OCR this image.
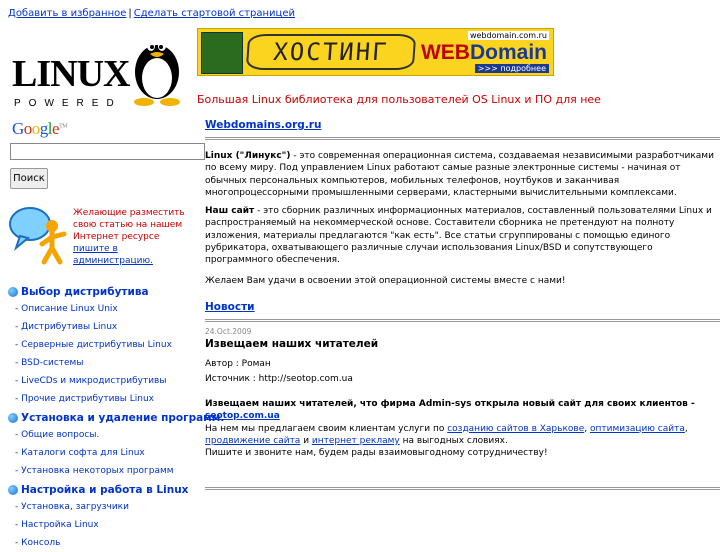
Добавить в избранное | Сделать стартовой страницей
LINUX
POWERED
ХОСТИНГ
webdomain.com.ru
WEBDomain
>>> подробнее
Большая Linux библиотека для пользователей OS Linux и ПО для нее
Google™
Поиск
Желающие разместить свою статью на нашем Интернет ресурсе пишите в администрацию.
Выбор дистрибутива
- Описание Linux Unix
- Дистрибутивы Linux
- Серверные дистрибутивы Linux
- BSD-системы
- LiveCDs и микродистрибутивы
- Прочие дистрибутивы Linux
Установка и удаление программ.
- Общие вопросы.
- Каталоги софта для Linux
- Установка некоторых программ
Настройка и работа в Linux
- Установка, загрузчики
- Настройка Linux
- Консоль
Webdomains.org.ru

Linux ("Линукс") - это современная операционная система, создаваемая независимыми разработчиками по всему миру. Под управлением Linux работают самые разные электронные системы - начиная от обычных персональных компьютеров, мобильных телефонов, ноутбуков и заканчивая многопроцессорными промышленными серверами, кластерными вычислительными комплексами.

Наш сайт - это сборник различных информационных материалов, составленный пользователями Linux и распространяемый на некоммерческой основе. Составители сборника не претендуют на полноту изложения, материалы предлагаются "как есть". Все статьи сгруппированы с помощью единого рубрикатора, охватывающего различные случаи использования Linux/BSD и сопутствующего программного обеспечения.

Желаем Вам удачи в освоении этой операционной системы вместе с нами!

Новости
24.Oct.2009
Извещаем наших читателей
Автор : Роман
Источник : http://seotop.com.ua
Извещаем наших читателей, что фирма Admin-sys открыла новый сайт для своих клиентов - seotop.com.ua
На нем мы предлагаем своим клиентам услуги по созданию сайтов в Харькове, оптимизацию сайта, продвижение сайта и интернет рекламу на выгодных словиях.
Пишите и звоните нам, будем рады взаимовыгодному сотрудничеству!
